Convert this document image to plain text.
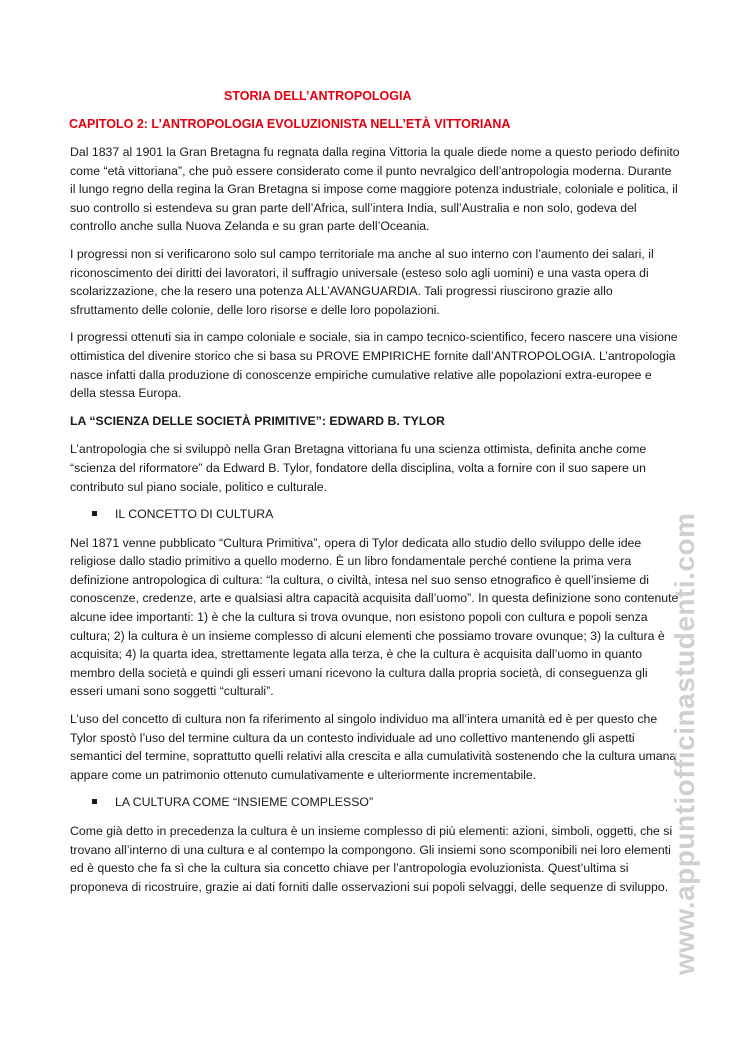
STORIA DELL’ANTROPOLOGIA
CAPITOLO 2: L’ANTROPOLOGIA EVOLUZIONISTA NELL’ETÀ VITTORIANA

Dal 1837 al 1901 la Gran Bretagna fu regnata dalla regina Vittoria la quale diede nome a questo periodo definito come “età vittoriana”, che può essere considerato come il punto nevralgico dell’antropologia moderna. Durante il lungo regno della regina la Gran Bretagna si impose come maggiore potenza industriale, coloniale e politica, il suo controllo si estendeva su gran parte dell’Africa, sull’intera India, sull’Australia e non solo, godeva del controllo anche sulla Nuova Zelanda e su gran parte dell’Oceania.

I progressi non si verificarono solo sul campo territoriale ma anche al suo interno con l’aumento dei salari, il riconoscimento dei diritti dei lavoratori, il suffragio universale (esteso solo agli uomini) e una vasta opera di scolarizzazione, che la resero una potenza ALL’AVANGUARDIA. Tali progressi riuscirono grazie allo sfruttamento delle colonie, delle loro risorse e delle loro popolazioni.

I progressi ottenuti sia in campo coloniale e sociale, sia in campo tecnico-scientifico, fecero nascere una visione ottimistica del divenire storico che si basa su PROVE EMPIRICHE fornite dall’ANTROPOLOGIA. L’antropologia nasce infatti dalla produzione di conoscenze empiriche cumulative relative alle popolazioni extra-europee e della stessa Europa.

LA “SCIENZA DELLE SOCIETÀ PRIMITIVE”: EDWARD B. TYLOR

L’antropologia che si sviluppò nella Gran Bretagna vittoriana fu una scienza ottimista, definita anche come “scienza del riformatore” da Edward B. Tylor, fondatore della disciplina, volta a fornire con il suo sapere un contributo sul piano sociale, politico e culturale.

IL CONCETTO DI CULTURA

Nel 1871 venne pubblicato “Cultura Primitiva”, opera di Tylor dedicata allo studio dello sviluppo delle idee religiose dallo stadio primitivo a quello moderno. È un libro fondamentale perché contiene la prima vera definizione antropologica di cultura: “la cultura, o civiltà, intesa nel suo senso etnografico è quell’insieme di conoscenze, credenze, arte e qualsiasi altra capacità acquisita dall’uomo”. In questa definizione sono contenute alcune idee importanti: 1) è che la cultura si trova ovunque, non esistono popoli con cultura e popoli senza cultura; 2) la cultura è un insieme complesso di alcuni elementi che possiamo trovare ovunque; 3) la cultura è acquisita; 4) la quarta idea, strettamente legata alla terza, è che la cultura è acquisita dall’uomo in quanto membro della società e quindi gli esseri umani ricevono la cultura dalla propria società, di conseguenza gli esseri umani sono soggetti “culturali”.

L’uso del concetto di cultura non fa riferimento al singolo individuo ma all’intera umanità ed è per questo che Tylor spostò l’uso del termine cultura da un contesto individuale ad uno collettivo mantenendo gli aspetti semantici del termine, soprattutto quelli relativi alla crescita e alla cumulatività sostenendo che la cultura umana appare come un patrimonio ottenuto cumulativamente e ulteriormente incrementabile.

LA CULTURA COME “INSIEME COMPLESSO”

Come già detto in precedenza la cultura è un insieme complesso di più elementi: azioni, simboli, oggetti, che si trovano all’interno di una cultura e al contempo la compongono. Gli insiemi sono scomponibili nei loro elementi ed è questo che fa sì che la cultura sia concetto chiave per l’antropologia evoluzionista. Quest’ultima si proponeva di ricostruire, grazie ai dati forniti dalle osservazioni sui popoli selvaggi, delle sequenze di sviluppo. www.appuntiofficinastudenti.com
